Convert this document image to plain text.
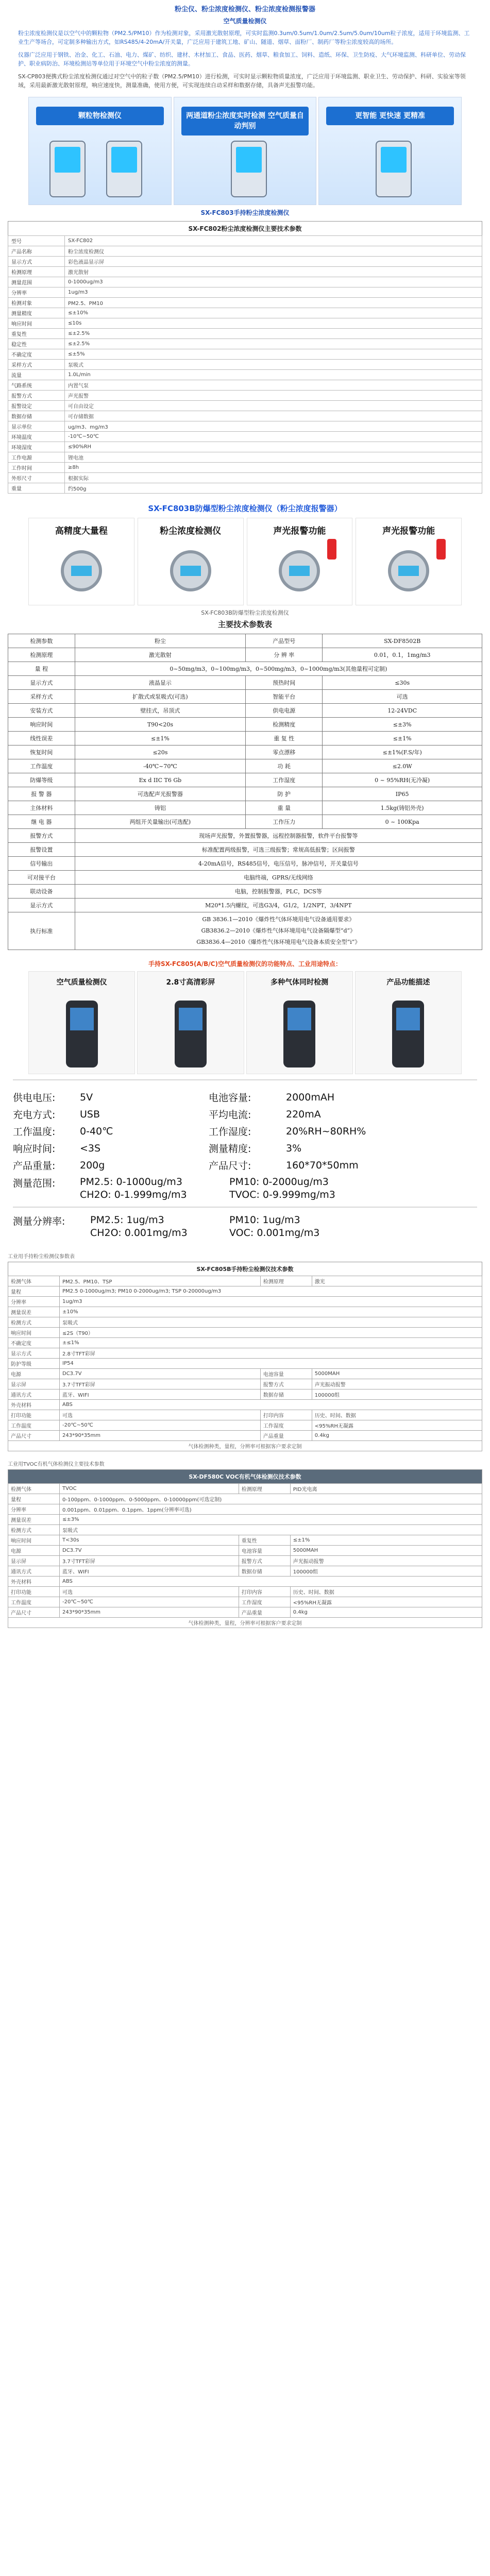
粉尘仪、粉尘浓度检测仪、粉尘浓度检测报警器
空气质量检测仪

粉尘浓度检测仪是以空气中的颗粒物（PM2.5/PM10）作为检测对象，采用激光散射原理，可实时监测0.3um/0.5um/1.0um/2.5um/5.0um/10um粒子浓度，适用于环境监测、工业生产等场合，可定制多种输出方式，如RS485/4-20mA/开关量，广泛应用于建筑工地、矿山、隧道、烟草、面粉厂、制药厂等粉尘浓度较高的场所。

仪器广泛应用于钢铁、冶金、化工、石油、电力、煤矿、纺织、建材、木材加工、食品、医药、烟草、粮食加工、饲料、造纸、环保、卫生防疫、大气环境监测、科研单位、劳动保护、职业病防治、环境检测站等单位用于环境空气中粉尘浓度的测量。

SX-CP803便携式粉尘浓度检测仪通过对空气中的粒子数（PM2.5/PM10）进行检测，可实时显示颗粒物质量浓度，广泛应用于环境监测、职业卫生、劳动保护、科研、实验室等领域，采用最新激光散射原理，响应速度快，测量准确，使用方便，可实现连续自动采样和数据存储，具备声光报警功能。

颗粒物检测仪	两通道粉尘浓度实时检测 空气质量自动判别
更智能 更快速 更精准
SX-FC803手持粉尘浓度检测仪
SX-FC802粉尘浓度检测仪主要技术参数
型号	SX-FC802
产品名称	粉尘浓度检测仪
显示方式	彩色液晶显示屏
检测原理	激光散射
测量范围	0-1000ug/m3
分辨率	1ug/m3
检测对象	PM2.5、PM10
测量精度	≤±10%
响应时间	≤10s
重复性	≤±2.5%
稳定性	≤±2.5%
不确定度	≤±5%
采样方式	泵吸式
流量	1.0L/min
气路系统	内置气泵
报警方式	声光报警
报警设定	可自由设定
数据存储	可存储数据
显示单位	ug/m3、mg/m3
环境温度	-10℃~50℃
环境湿度	≤90%RH
工作电源	锂电池
工作时间	≥8h
外形尺寸	根据实际
重量	约500g
SX-FC803B防爆型粉尘浓度检测仪（粉尘浓度报警器）
高精度大量程	粉尘浓度检测仪	声光报警功能	声光报警功能
SX-FC803B防爆型粉尘浓度检测仪
主要技术参数表
检测参数	粉尘	产品型号	SX-DF8502B
检测原理	激光散射	分 辨 率	0.01，0.1，1mg/m3
量 程	0~50mg/m3，0~100mg/m3，0~500mg/m3，0~1000mg/m3(其他量程可定制)		
显示方式	液晶显示	预热时间	≤30s
采样方式	扩散式或泵吸式(可选)	智能平台	可选
安装方式	壁挂式，吊顶式	供电电源	12-24VDC
响应时间	T90<20s	检测精度	≤±3%
线性误差	≤±1%	重 复 性	≤±1%
恢复时间	≤20s	零点漂移	≤±1%(F.S/年)
工作温度	-40℃~70℃	功 耗	≤2.0W
防爆等级	Ex d IIC T6 Gb	工作湿度	0 ~ 95%RH(无冷凝)
报 警 器	可选配声光报警器	防 护	IP65
主体材料	铸铝	重 量	1.5kg(铸铝外壳)
继 电 器	两组开关量输出(可选配)	工作压力	0 ~ 100Kpa
报警方式	现场声光报警，外置报警器，远程控制器报警，软件平台报警等		
报警设置	标准配置两级报警，可选三级报警；常规高低报警；区间报警		
信号输出	4-20mA信号，RS485信号，电压信号，脉冲信号，开关量信号		
可对接平台	电脑终端，GPRS/无线网络		
联动设备	电脑，控制报警器，PLC，DCS等		
显示方式	M20*1.5内螺纹，可选G3/4，G1/2，1/2NPT，3/4NPT		
执行标准	GB 3836.1—2010《爆炸性气体环境用电气设备通用要求》
GB3836.2—2010《爆炸性气体环境用电气设备隔爆型“d”》
GB3836.4—2010《爆炸性气体环境用电气设备本质安全型“i”》		
手持SX-FC805(A/B/C)空气质量检测仪的功能特点、工业用途特点：
空气质量检测仪	2.8寸高清彩屏	多种气体同时检测	产品功能描述
供电电压:	5V	电池容量:	2000mAH
充电方式:	USB	平均电流:	220mA
工作温度:	0-40℃	工作湿度:	20%RH~80RH%
响应时间:	<3S	测量精度:	3%
产品重量:	200g	产品尺寸:	160*70*50mm
测量范围:	PM2.5: 0-1000ug/m3
CH2O: 0-1.999mg/m3
PM10: 0-2000ug/m3
TVOC: 0-9.999mg/m3
测量分辨率:	PM2.5: 1ug/m3
CH2O: 0.001mg/m3
PM10: 1ug/m3
VOC: 0.001mg/m3
工业用手持粉尘检测仪参数表
SX-FC805B手持粉尘检测仪技术参数
检测气体	PM2.5、PM10、TSP	检测原理	激光
量程	PM2.5 0-1000ug/m3; PM10 0-2000ug/m3; TSP 0-20000ug/m3		
分辨率	1ug/m3		
测量误差	±10%		
检测方式	泵吸式		
响应时间	≤2S（T90）		
不确定度	±≤1%		
显示方式	2.8寸TFT彩屏		
防护等级	IP54		
电源	DC3.7V	电池容量	5000MAH
显示屏	3.7寸TFT彩屏	报警方式	声光振动报警
通讯方式	蓝牙、WIFI	数据存储	100000组
外壳材料	ABS		
打印功能	可选	打印内容	历史、时间、数据
工作温度	-20℃~50℃	工作湿度	<95%RH无凝露
产品尺寸	243*90*35mm	产品重量	0.4kg
气体检测种类，量程，分辨率可根据客户要求定制			
工业用TVOC有机气体检测仪主要技术参数
SX-DF580C VOC有机气体检测仪技术参数
检测气体	TVOC	检测原理	PID光电离
量程	0-100ppm、0-1000ppm、0-5000ppm、0-10000ppm(可选定制)		
分辨率	0.001ppm、0.01ppm、0.1ppm、1ppm(分辨率可选)		
测量误差	≤±3%		
检测方式	泵吸式		
响应时间	T<30s	重复性	≤±1%
电源	DC3.7V	电池容量	5000MAH
显示屏	3.7寸TFT彩屏	报警方式	声光振动报警
通讯方式	蓝牙、WIFI	数据存储	100000组
外壳材料	ABS		
打印功能	可选	打印内容	历史、时间、数据
工作温度	-20℃~50℃	工作湿度	<95%RH无凝露
产品尺寸	243*90*35mm	产品重量	0.4kg
气体检测种类，量程，分辨率可根据客户要求定制			
